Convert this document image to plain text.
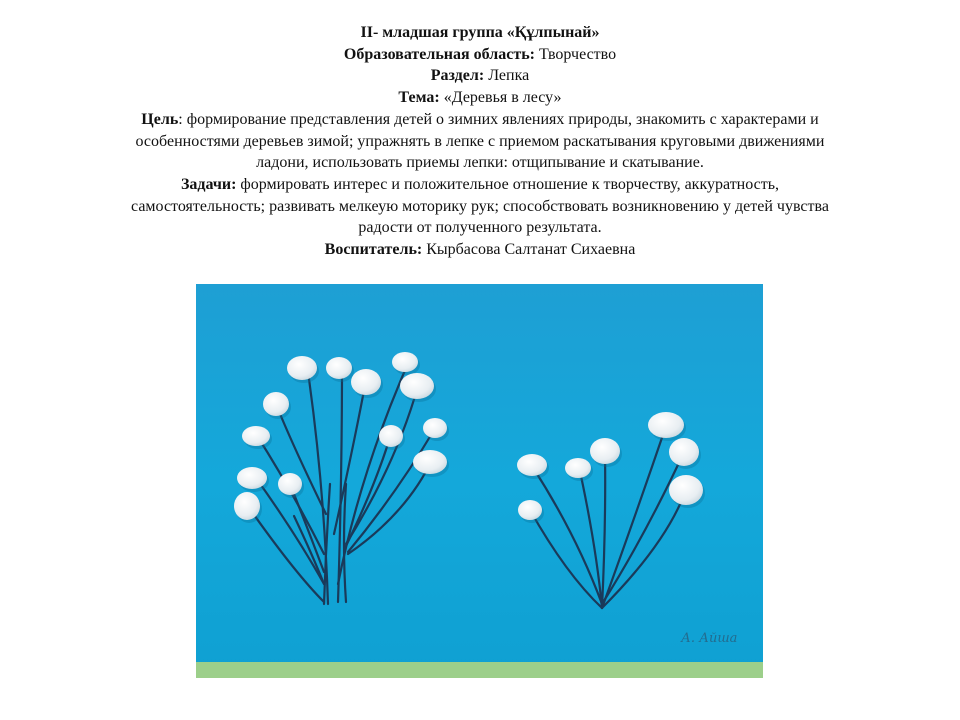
II- младшая группа «Құлпынай»
Образовательная область: Творчество
Раздел: Лепка
Тема: «Деревья в лесу»
Цель: формирование представления детей о зимних явлениях природы, знакомить с характерами и
особенностями деревьев зимой; упражнять в лепке с приемом раскатывания круговыми движениями
ладони, использовать приемы лепки: отщипывание и скатывание.
Задачи: формировать интерес и положительное отношение к творчеству, аккуратность,
самостоятельность; развивать мелкеую моторику рук; способствовать возникновению у детей чувства
радости от полученного результата.
Воспитатель: Кырбасова Салтанат Сихаевна
А. Айша
